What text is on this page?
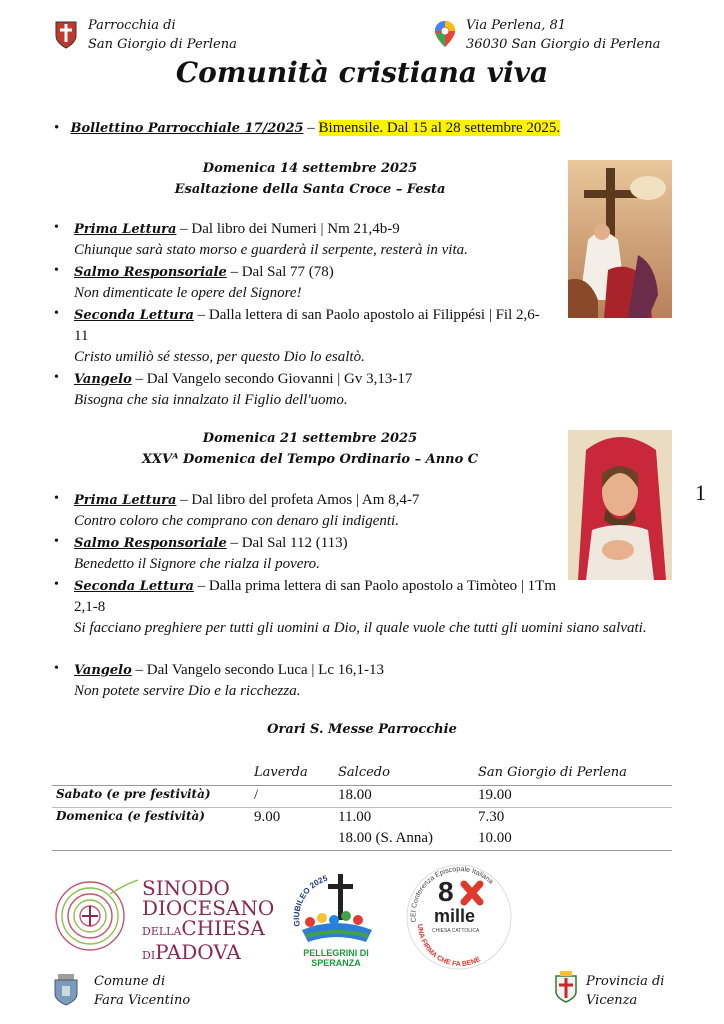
Parrocchia di
San Giorgio di Perlena
Via Perlena, 81
36030 San Giorgio di Perlena
Comunità cristiana viva
• Bollettino Parrocchiale 17/2025 – Bimensile. Dal 15 al 28 settembre 2025.
Domenica 14 settembre 2025
Esaltazione della Santa Croce – Festa
• Prima Lettura – Dal libro dei Numeri | Nm 21,4b-9
Chiunque sarà stato morso e guarderà il serpente, resterà in vita.
• Salmo Responsoriale – Dal Sal 77 (78)
Non dimenticate le opere del Signore!
• Seconda Lettura – Dalla lettera di san Paolo apostolo ai Filippési | Fil 2,6-11
Cristo umiliò sé stesso, per questo Dio lo esaltò.
• Vangelo – Dal Vangelo secondo Giovanni | Gv 3,13-17
Bisogna che sia innalzato il Figlio dell'uomo.
Domenica 21 settembre 2025
XXVᴬ Domenica del Tempo Ordinario – Anno C
• Prima Lettura – Dal libro del profeta Amos | Am 8,4-7
Contro coloro che comprano con denaro gli indigenti.
• Salmo Responsoriale – Dal Sal 112 (113)
Benedetto il Signore che rialza il povero.
• Seconda Lettura – Dalla prima lettera di san Paolo apostolo a Timòteo | 1Tm 2,1-8

Si facciano preghiere per tutti gli uomini a Dio, il quale vuole che tutti gli uomini siano salvati.
• Vangelo – Dal Vangelo secondo Luca | Lc 16,1-13
Non potete servire Dio e la ricchezza.
1
Orari S. Messe Parrocchie
	Laverda	Salcedo	San Giorgio di Perlena
Sabato (e pre festività)	/	18.00	19.00
Domenica (e festività)	9.00	11.00	7.30
		18.00 (S. Anna)	10.00
SINODO
DIOCESANO
DELLACHIESA
DIPADOVA
GIUBILEO 2025
PELLEGRINI DI SPERANZA
CEI Conferenza Episcopale Italiana
UNA FIRMA CHE FA BENE
8
mille
CHIESA CATTOLICA
Comune di
Fara Vicentino
Provincia di
Vicenza
